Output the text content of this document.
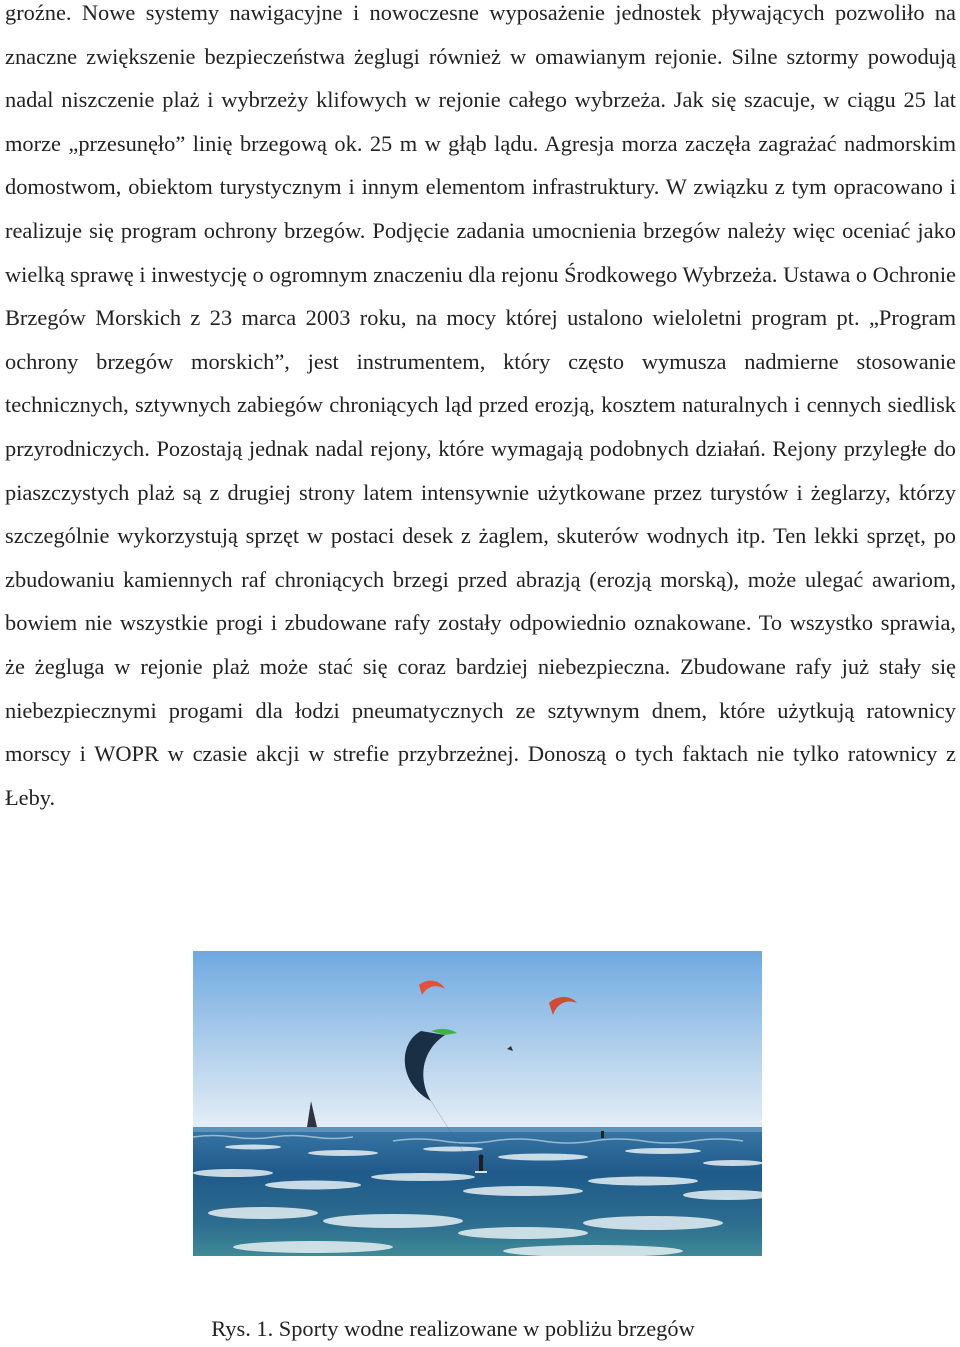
groźne. Nowe systemy nawigacyjne i nowoczesne wyposażenie jednostek pływających pozwoliło na znaczne zwiększenie bezpieczeństwa żeglugi również w omawianym rejonie. Silne sztormy powodują nadal niszczenie plaż i wybrzeży klifowych w rejonie całego wybrzeża. Jak się szacuje, w ciągu 25 lat morze „przesunęło” linię brzegową ok. 25 m w głąb lądu. Agresja morza zaczęła zagrażać nadmorskim domostwom, obiektom turystycznym i innym elementom infrastruktury. W związku z tym opracowano i realizuje się program ochrony brzegów. Podjęcie zadania umocnienia brzegów należy więc oceniać jako wielką sprawę i inwestycję o ogromnym znaczeniu dla rejonu Środkowego Wybrzeża. Ustawa o Ochronie Brzegów Morskich z 23 marca 2003 roku, na mocy której ustalono wieloletni program pt. „Program ochrony brzegów morskich”, jest instrumentem, który często wymusza nadmierne stosowanie technicznych, sztywnych zabiegów chroniących ląd przed erozją, kosztem naturalnych i cennych siedlisk przyrodniczych. Pozostają jednak nadal rejony, które wymagają podobnych działań. Rejony przyległe do piaszczystych plaż są z drugiej strony latem intensywnie użytkowane przez turystów i żeglarzy, którzy szczególnie wykorzystują sprzęt w postaci desek z żaglem, skuterów wodnych itp. Ten lekki sprzęt, po zbudowaniu kamiennych raf chroniących brzegi przed abrazją (erozją morską), może ulegać awariom, bowiem nie wszystkie progi i zbudowane rafy zostały odpowiednio oznakowane. To wszystko sprawia, że żegluga w rejonie plaż może stać się coraz bardziej niebezpieczna. Zbudowane rafy już stały się niebezpiecznymi progami dla łodzi pneumatycznych ze sztywnym dnem, które użytkują ratownicy morscy i WOPR w czasie akcji w strefie przybrzeżnej. Donoszą o tych faktach nie tylko ratownicy z Łeby.

Rys. 1. Sporty wodne realizowane w pobliżu brzegów
